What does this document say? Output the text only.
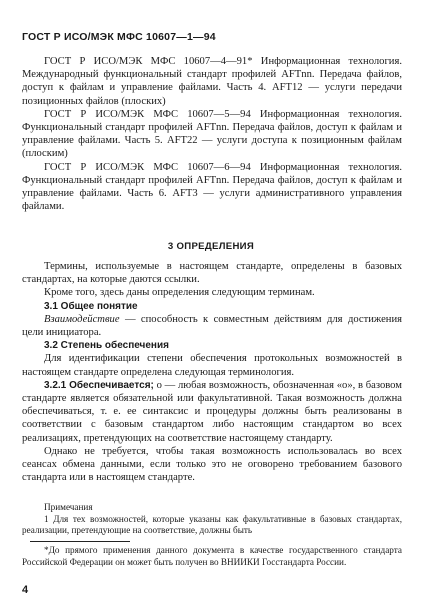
ГОСТ Р ИСО/МЭК МФС 10607—1—94

ГОСТ Р ИСО/МЭК МФС 10607—4—91* Информационная технология. Международный функциональный стандарт профилей AFTnn. Передача файлов, доступ к файлам и управление файлами. Часть 4. AFT12 — услуги передачи позиционных файлов (плоских)

ГОСТ Р ИСО/МЭК МФС 10607—5—94 Информационная технология. Функциональный стандарт профилей AFTnn. Передача файлов, доступ к файлам и управление файлами. Часть 5. AFT22 — услуги доступа к позиционным файлам (плоским)

ГОСТ Р ИСО/МЭК МФС 10607—6—94 Информационная технология. Функциональный стандарт профилей AFTnn. Передача файлов, доступ к файлам и управление файлами. Часть 6. AFT3 — услуги административного управления файлами.

3 ОПРЕДЕЛЕНИЯ

Термины, используемые в настоящем стандарте, определены в базовых стандартах, на которые даются ссылки.

Кроме того, здесь даны определения следующим терминам.

3.1 Общее понятие

Взаимодействие — способность к совместным действиям для достижения цели инициатора.

3.2 Степень обеспечения

Для идентификации степени обеспечения протокольных возможностей в настоящем стандарте определена следующая терминология.

3.2.1 Обеспечивается; о — любая возможность, обозначенная «о», в базовом стандарте является обязательной или факультативной. Такая возможность должна обеспечиваться, т. е. ее синтаксис и процедуры должны быть реализованы в соответствии с базовым стандартом либо настоящим стандартом во всех реализациях, претендующих на соответствие настоящему стандарту.

Однако не требуется, чтобы такая возможность использовалась во всех сеансах обмена данными, если только это не оговорено требованием базового стандарта или в настоящем стандарте.

Примечания

1 Для тех возможностей, которые указаны как факультативные в базовых стандартах, реализации, претендующие на соответствие, должны быть

*До прямого применения данного документа в качестве государственного стандарта Российской Федерации он может быть получен во ВНИИКИ Госстандарта России.

4
